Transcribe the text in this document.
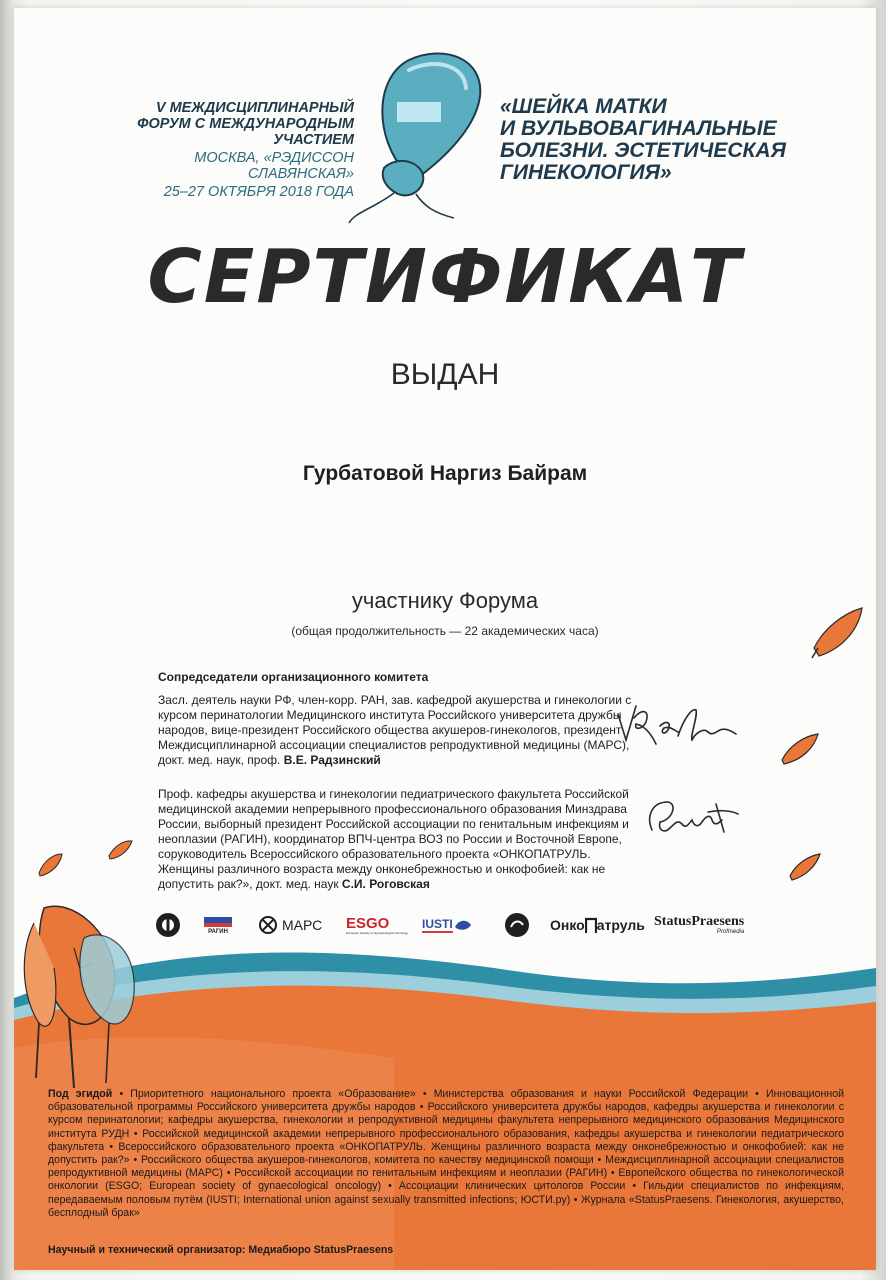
V МЕЖДИСЦИПЛИНАРНЫЙ
ФОРУМ С МЕЖДУНАРОДНЫМ
УЧАСТИЕМ
МОСКВА, «РЭДИССОН СЛАВЯНСКАЯ»
25–27 ОКТЯБРЯ 2018 ГОДА
«ШЕЙКА МАТКИ
И ВУЛЬВОВАГИНАЛЬНЫЕ
БОЛЕЗНИ. ЭСТЕТИЧЕСКАЯ
ГИНЕКОЛОГИЯ»
СЕРТИФИКАТ
ВЫДАН
Гурбатовой Наргиз Байрам
участнику Форума
(общая продолжительность — 22 академических часа)
Сопредседатели организационного комитета

Засл. деятель науки РФ, член-корр. РАН, зав. кафедрой акушерства и гинекологии с курсом перинатологии Медицинского института Российского университета дружбы народов, вице-президент Российского общества акушеров-гинекологов, президент Междисциплинарной ассоциации специалистов репродуктивной медицины (МАРС), докт. мед. наук, проф. В.Е. Радзинский

Проф. кафедры акушерства и гинекологии педиатрического факультета Российской медицинской академии непрерывного профессионального образования Минздрава России, выборный президент Российской ассоциации по генитальным инфекциям и неоплазии (РАГИН), координатор ВПЧ-центра ВОЗ по России и Восточной Европе, соруководитель Всероссийского образовательного проекта «ОНКОПАТРУЛЬ. Женщины различного возраста между онконебрежностью и онкофобией: как не допустить рак?», докт. мед. наук С.И. Роговская

РАГИН	МАРС ESGO
European Society of Gynaecological Oncology
IUSTI	Онко атруль StatusPraesens
Profmedia

Под эгидой • Приоритетного национального проекта «Образование» • Министерства образования и науки Российской Федерации • Инновационной образовательной программы Российского университета дружбы народов • Российского университета дружбы народов, кафедры акушерства и гинекологии с курсом перинатологии; кафедры акушерства, гинекологии и репродуктивной медицины факультета непрерывного медицинского образования Медицинского института РУДН • Российской медицинской академии непрерывного профессионального образования, кафедры акушерства и гинекологии педиатрического факультета • Всероссийского образовательного проекта «ОНКОПАТРУЛЬ. Женщины различного возраста между онконебрежностью и онкофобией: как не допустить рак?» • Российского общества акушеров-гинекологов, комитета по качеству медицинской помощи • Междисциплинарной ассоциации специалистов репродуктивной медицины (МАРС) • Российской ассоциации по генитальным инфекциям и неоплазии (РАГИН) • Европейского общества по гинекологической онкологии (ESGO; European society of gynaecological oncology) • Ассоциации клинических цитологов России • Гильдии специалистов по инфекциям, передаваемым половым путём (IUSTI; International union against sexually transmitted infections; ЮСТИ.ру) • Журнала «StatusPraesens. Гинекология, акушерство, бесплодный брак»

Научный и технический организатор: Медиабюро StatusPraesens
